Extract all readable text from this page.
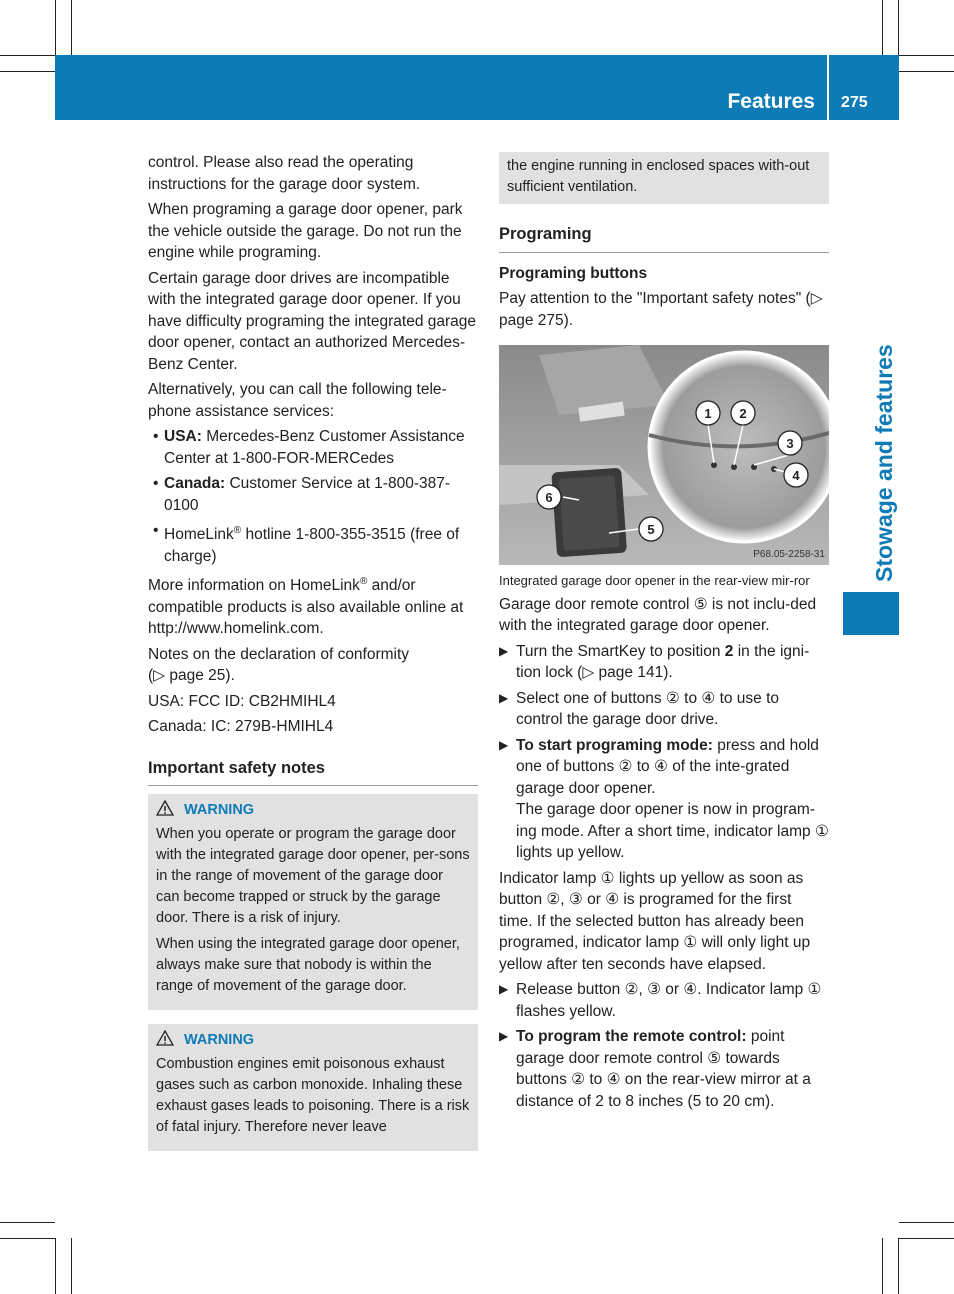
Features 275
Stowage and features

control. Please also read the operating instructions for the garage door system.

When programing a garage door opener, park the vehicle outside the garage. Do not run the engine while programing.

Certain garage door drives are incompatible with the integrated garage door opener. If you have difficulty programing the integrated garage door opener, contact an authorized Mercedes-Benz Center.

Alternatively, you can call the following tele-phone assistance services:

• USA: Mercedes-Benz Customer Assistance Center at 1-800-FOR-MERCedes
• Canada: Customer Service at 1-800-387-0100
• HomeLink® hotline 1-800-355-3515 (free of charge)

More information on HomeLink® and/or compatible products is also available online at http://www.homelink.com.

Notes on the declaration of conformity
(▷ page 25).

USA: FCC ID: CB2HMIHL4

Canada: IC: 279B-HMIHL4

Important safety notes
WARNING

When you operate or program the garage door with the integrated garage door opener, per-sons in the range of movement of the garage door can become trapped or struck by the garage door. There is a risk of injury.

When using the integrated garage door opener, always make sure that nobody is within the range of movement of the garage door.

WARNING

Combustion engines emit poisonous exhaust gases such as carbon monoxide. Inhaling these exhaust gases leads to poisoning. There is a risk of fatal injury. Therefore never leave

the engine running in enclosed spaces with-out sufficient ventilation.
Programing
Programing buttons

Pay attention to the "Important safety notes" (▷ page 275).

1 2
3
4
5
6
P68.05-2258-31

Integrated garage door opener in the rear-view mir-ror

Garage door remote control ⑤ is not inclu-ded with the integrated garage door opener.

▶ Turn the SmartKey to position 2 in the igni-tion lock (▷ page 141).
▶ Select one of buttons ② to ④ to use to control the garage door drive.
▶ To start programing mode: press and hold one of buttons ② to ④ of the inte-grated garage door opener.
The garage door opener is now in program-ing mode. After a short time, indicator lamp ① lights up yellow.

Indicator lamp ① lights up yellow as soon as button ②, ③ or ④ is programed for the first time. If the selected button has already been programed, indicator lamp ① will only light up yellow after ten seconds have elapsed.

▶ Release button ②, ③ or ④. Indicator lamp ① flashes yellow.
▶ To program the remote control: point garage door remote control ⑤ towards buttons ② to ④ on the rear-view mirror at a distance of 2 to 8 inches (5 to 20 cm).
